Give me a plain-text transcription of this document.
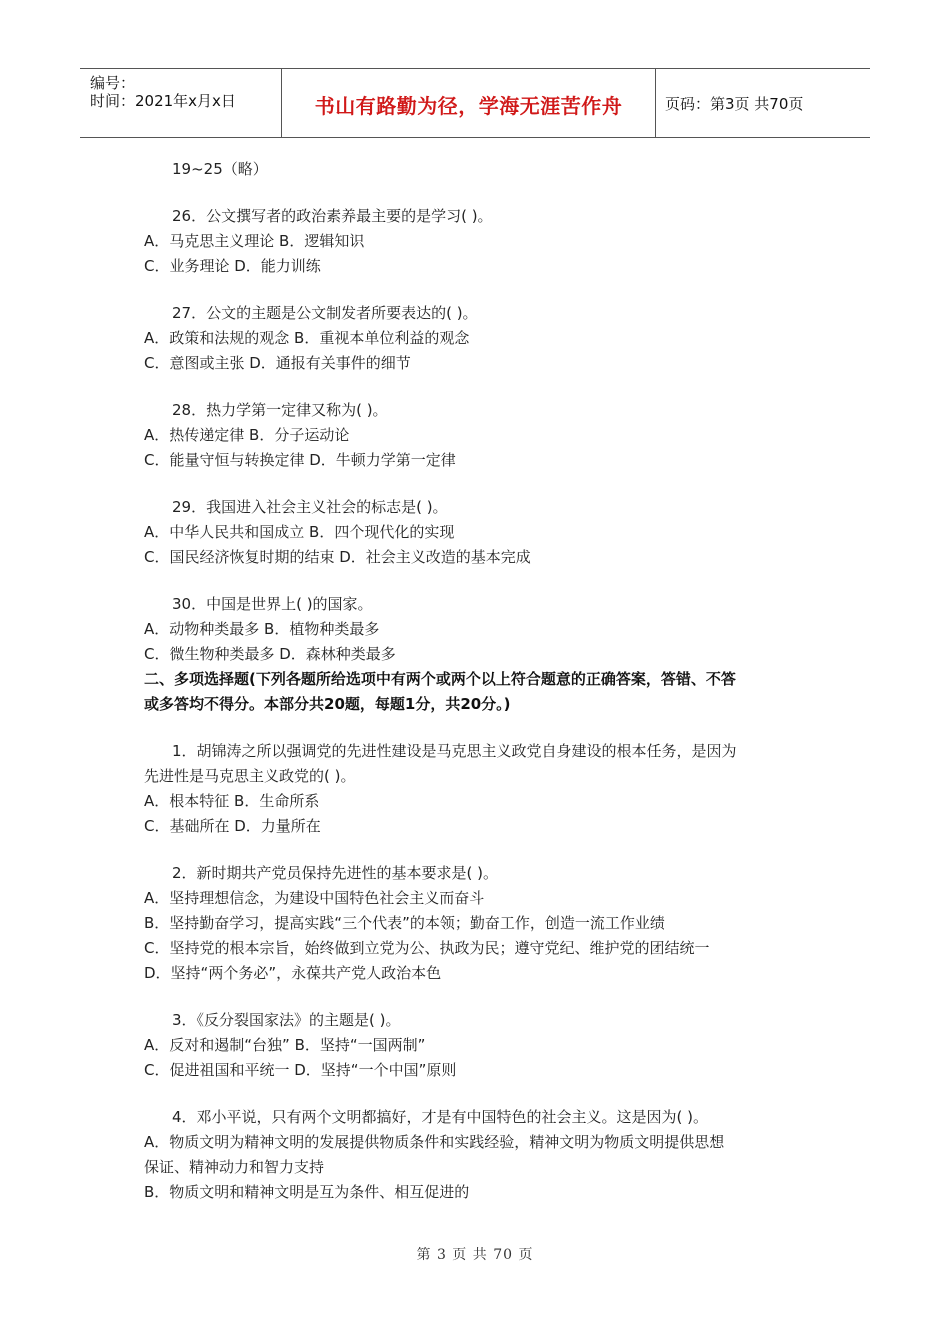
编号：
时间：2021年x月x日	书山有路勤为径，学海无涯苦作舟	页码：第3页 共70页
19~25（略）
26．公文撰写者的政治素养最主要的是学习( )。
A．马克思主义理论 B．逻辑知识
C．业务理论 D．能力训练
27．公文的主题是公文制发者所要表达的( )。
A．政策和法规的观念 B．重视本单位利益的观念
C．意图或主张 D．通报有关事件的细节
28．热力学第一定律又称为( )。
A．热传递定律 B．分子运动论
C．能量守恒与转换定律 D．牛顿力学第一定律
29．我国进入社会主义社会的标志是( )。
A．中华人民共和国成立 B．四个现代化的实现
C．国民经济恢复时期的结束 D．社会主义改造的基本完成
30．中国是世界上( )的国家。
A．动物种类最多 B．植物种类最多
C．微生物种类最多 D．森林种类最多
二、多项选择题(下列各题所给选项中有两个或两个以上符合题意的正确答案，答错、不答
或多答均不得分。本部分共20题，每题1分，共20分。)
1．胡锦涛之所以强调党的先进性建设是马克思主义政党自身建设的根本任务，是因为
先进性是马克思主义政党的( )。
A．根本特征 B．生命所系
C．基础所在 D．力量所在
2．新时期共产党员保持先进性的基本要求是( )。
A．坚持理想信念，为建设中国特色社会主义而奋斗
B．坚持勤奋学习，提高实践“三个代表”的本领；勤奋工作，创造一流工作业绩
C．坚持党的根本宗旨，始终做到立党为公、执政为民；遵守党纪、维护党的团结统一
D．坚持“两个务必”，永葆共产党人政治本色
3．《反分裂国家法》的主题是( )。
A．反对和遏制“台独” B．坚持“一国两制”
C．促进祖国和平统一 D．坚持“一个中国”原则
4．邓小平说，只有两个文明都搞好，才是有中国特色的社会主义。这是因为( )。
A．物质文明为精神文明的发展提供物质条件和实践经验，精神文明为物质文明提供思想
保证、精神动力和智力支持
B．物质文明和精神文明是互为条件、相互促进的
第 3 页 共 70 页
